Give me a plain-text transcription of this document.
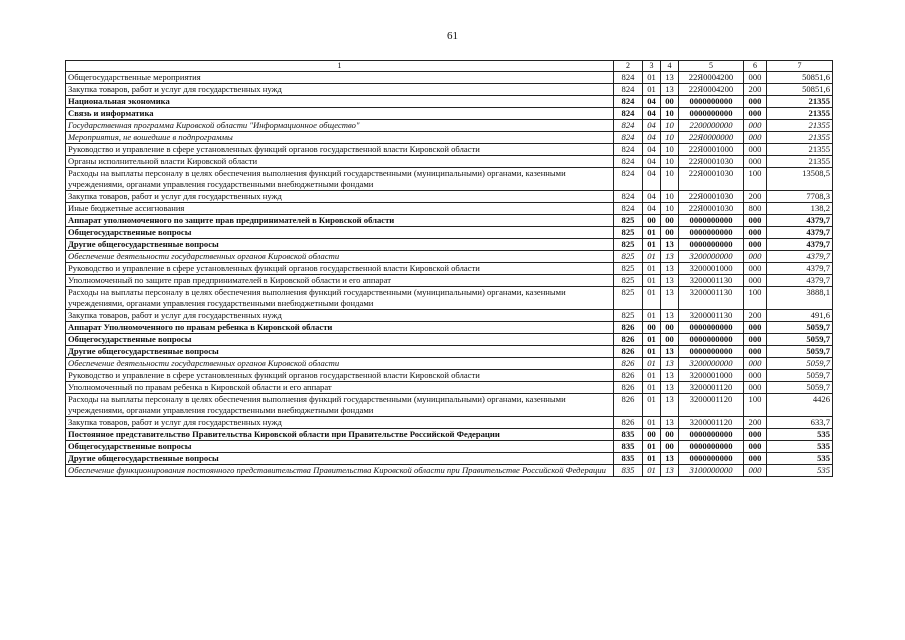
61
1	2	3	4	5	6	7
Общегосударственные мероприятия	824	01	13	22Я0004200	000	50851,6
Закупка товаров, работ и услуг для государственных нужд	824	01	13	22Я0004200	200	50851,6
Национальная экономика	824	04	00	0000000000	000	21355
Связь и информатика	824	04	10	0000000000	000	21355
Государственная программа Кировской области "Информационное общество"	824	04	10	2200000000	000	21355
Мероприятия, не вошедшие в подпрограммы	824	04	10	22Я0000000	000	21355
Руководство и управление в сфере установленных функций органов государственной власти Кировской области	824	04	10	22Я0001000	000	21355
Органы исполнительной власти Кировской области	824	04	10	22Я0001030	000	21355
Расходы на выплаты персоналу в целях обеспечения выполнения функций государственными (муниципальными) органами, казенными учреждениями, органами управления государственными внебюджетными фондами	824	04	10	22Я0001030	100	13508,5
Закупка товаров, работ и услуг для государственных нужд	824	04	10	22Я0001030	200	7708,3
Иные бюджетные ассигнования	824	04	10	22Я0001030	800	138,2
Аппарат уполномоченного по защите прав предпринимателей в Кировской области	825	00	00	0000000000	000	4379,7
Общегосударственные вопросы	825	01	00	0000000000	000	4379,7
Другие общегосударственные вопросы	825	01	13	0000000000	000	4379,7
Обеспечение деятельности государственных органов Кировской области	825	01	13	3200000000	000	4379,7
Руководство и управление в сфере установленных функций органов государственной власти Кировской области	825	01	13	3200001000	000	4379,7
Уполномоченный по защите прав предпринимателей в Кировской области и его аппарат	825	01	13	3200001130	000	4379,7
Расходы на выплаты персоналу в целях обеспечения выполнения функций государственными (муниципальными) органами, казенными учреждениями, органами управления государственными внебюджетными фондами	825	01	13	3200001130	100	3888,1
Закупка товаров, работ и услуг для государственных нужд	825	01	13	3200001130	200	491,6
Аппарат Уполномоченного по правам ребенка в Кировской области	826	00	00	0000000000	000	5059,7
Общегосударственные вопросы	826	01	00	0000000000	000	5059,7
Другие общегосударственные вопросы	826	01	13	0000000000	000	5059,7
Обеспечение деятельности государственных органов Кировской области	826	01	13	3200000000	000	5059,7
Руководство и управление в сфере установленных функций органов государственной власти Кировской области	826	01	13	3200001000	000	5059,7
Уполномоченный по правам ребенка в Кировской области и его аппарат	826	01	13	3200001120	000	5059,7
Расходы на выплаты персоналу в целях обеспечения выполнения функций государственными (муниципальными) органами, казенными учреждениями, органами управления государственными внебюджетными фондами	826	01	13	3200001120	100	4426
Закупка товаров, работ и услуг для государственных нужд	826	01	13	3200001120	200	633,7
Постоянное представительство Правительства Кировской области при Правительстве Российской Федерации	835	00	00	0000000000	000	535
Общегосударственные вопросы	835	01	00	0000000000	000	535
Другие общегосударственные вопросы	835	01	13	0000000000	000	535
Обеспечение функционирования постоянного представительства Правительства Кировской области при Правительстве Российской Федерации	835	01	13	3100000000	000	535
